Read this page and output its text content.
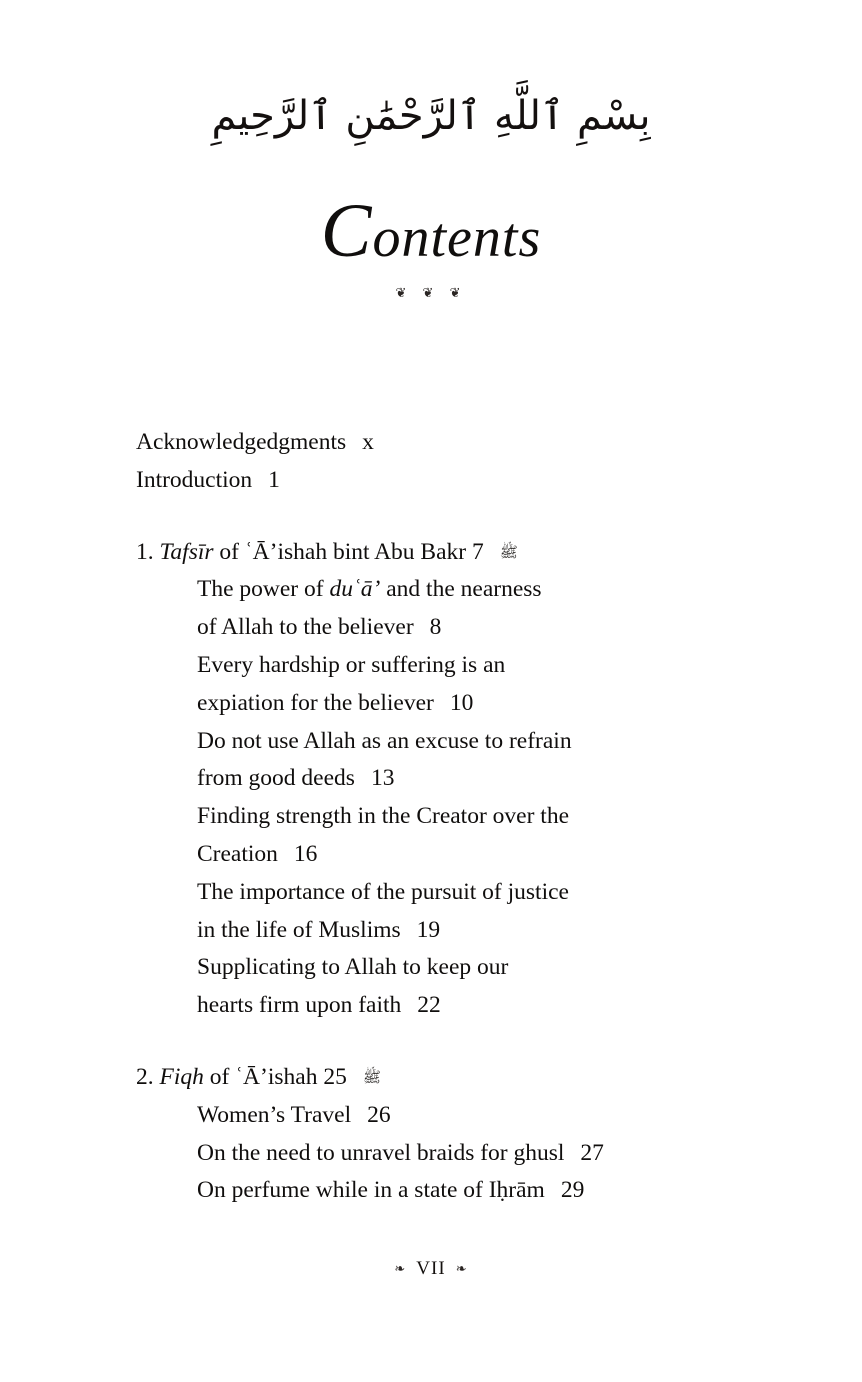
بِسْمِ ٱللَّهِ ٱلرَّحْمَٰنِ ٱلرَّحِيمِ
Contents
❦ ❦ ❦
Acknowledgedgments x
Introduction 1
1. Tafsīr of ʿĀ’ishah bint Abu Bakr ﷺ7
The power of duʿā’ and the nearness
of Allah to the believer 8
Every hardship or suffering is an
expiation for the believer 10
Do not use Allah as an excuse to refrain
from good deeds 13
Finding strength in the Creator over the
Creation 16
The importance of the pursuit of justice
in the life of Muslims 19
Supplicating to Allah to keep our
hearts firm upon faith 22
2. Fiqh of ʿĀ’ishah	ﷺ25
Women’s Travel 26
On the need to unravel braids for ghusl 27
On perfume while in a state of Iḥrām 29
❧ VII ❧
